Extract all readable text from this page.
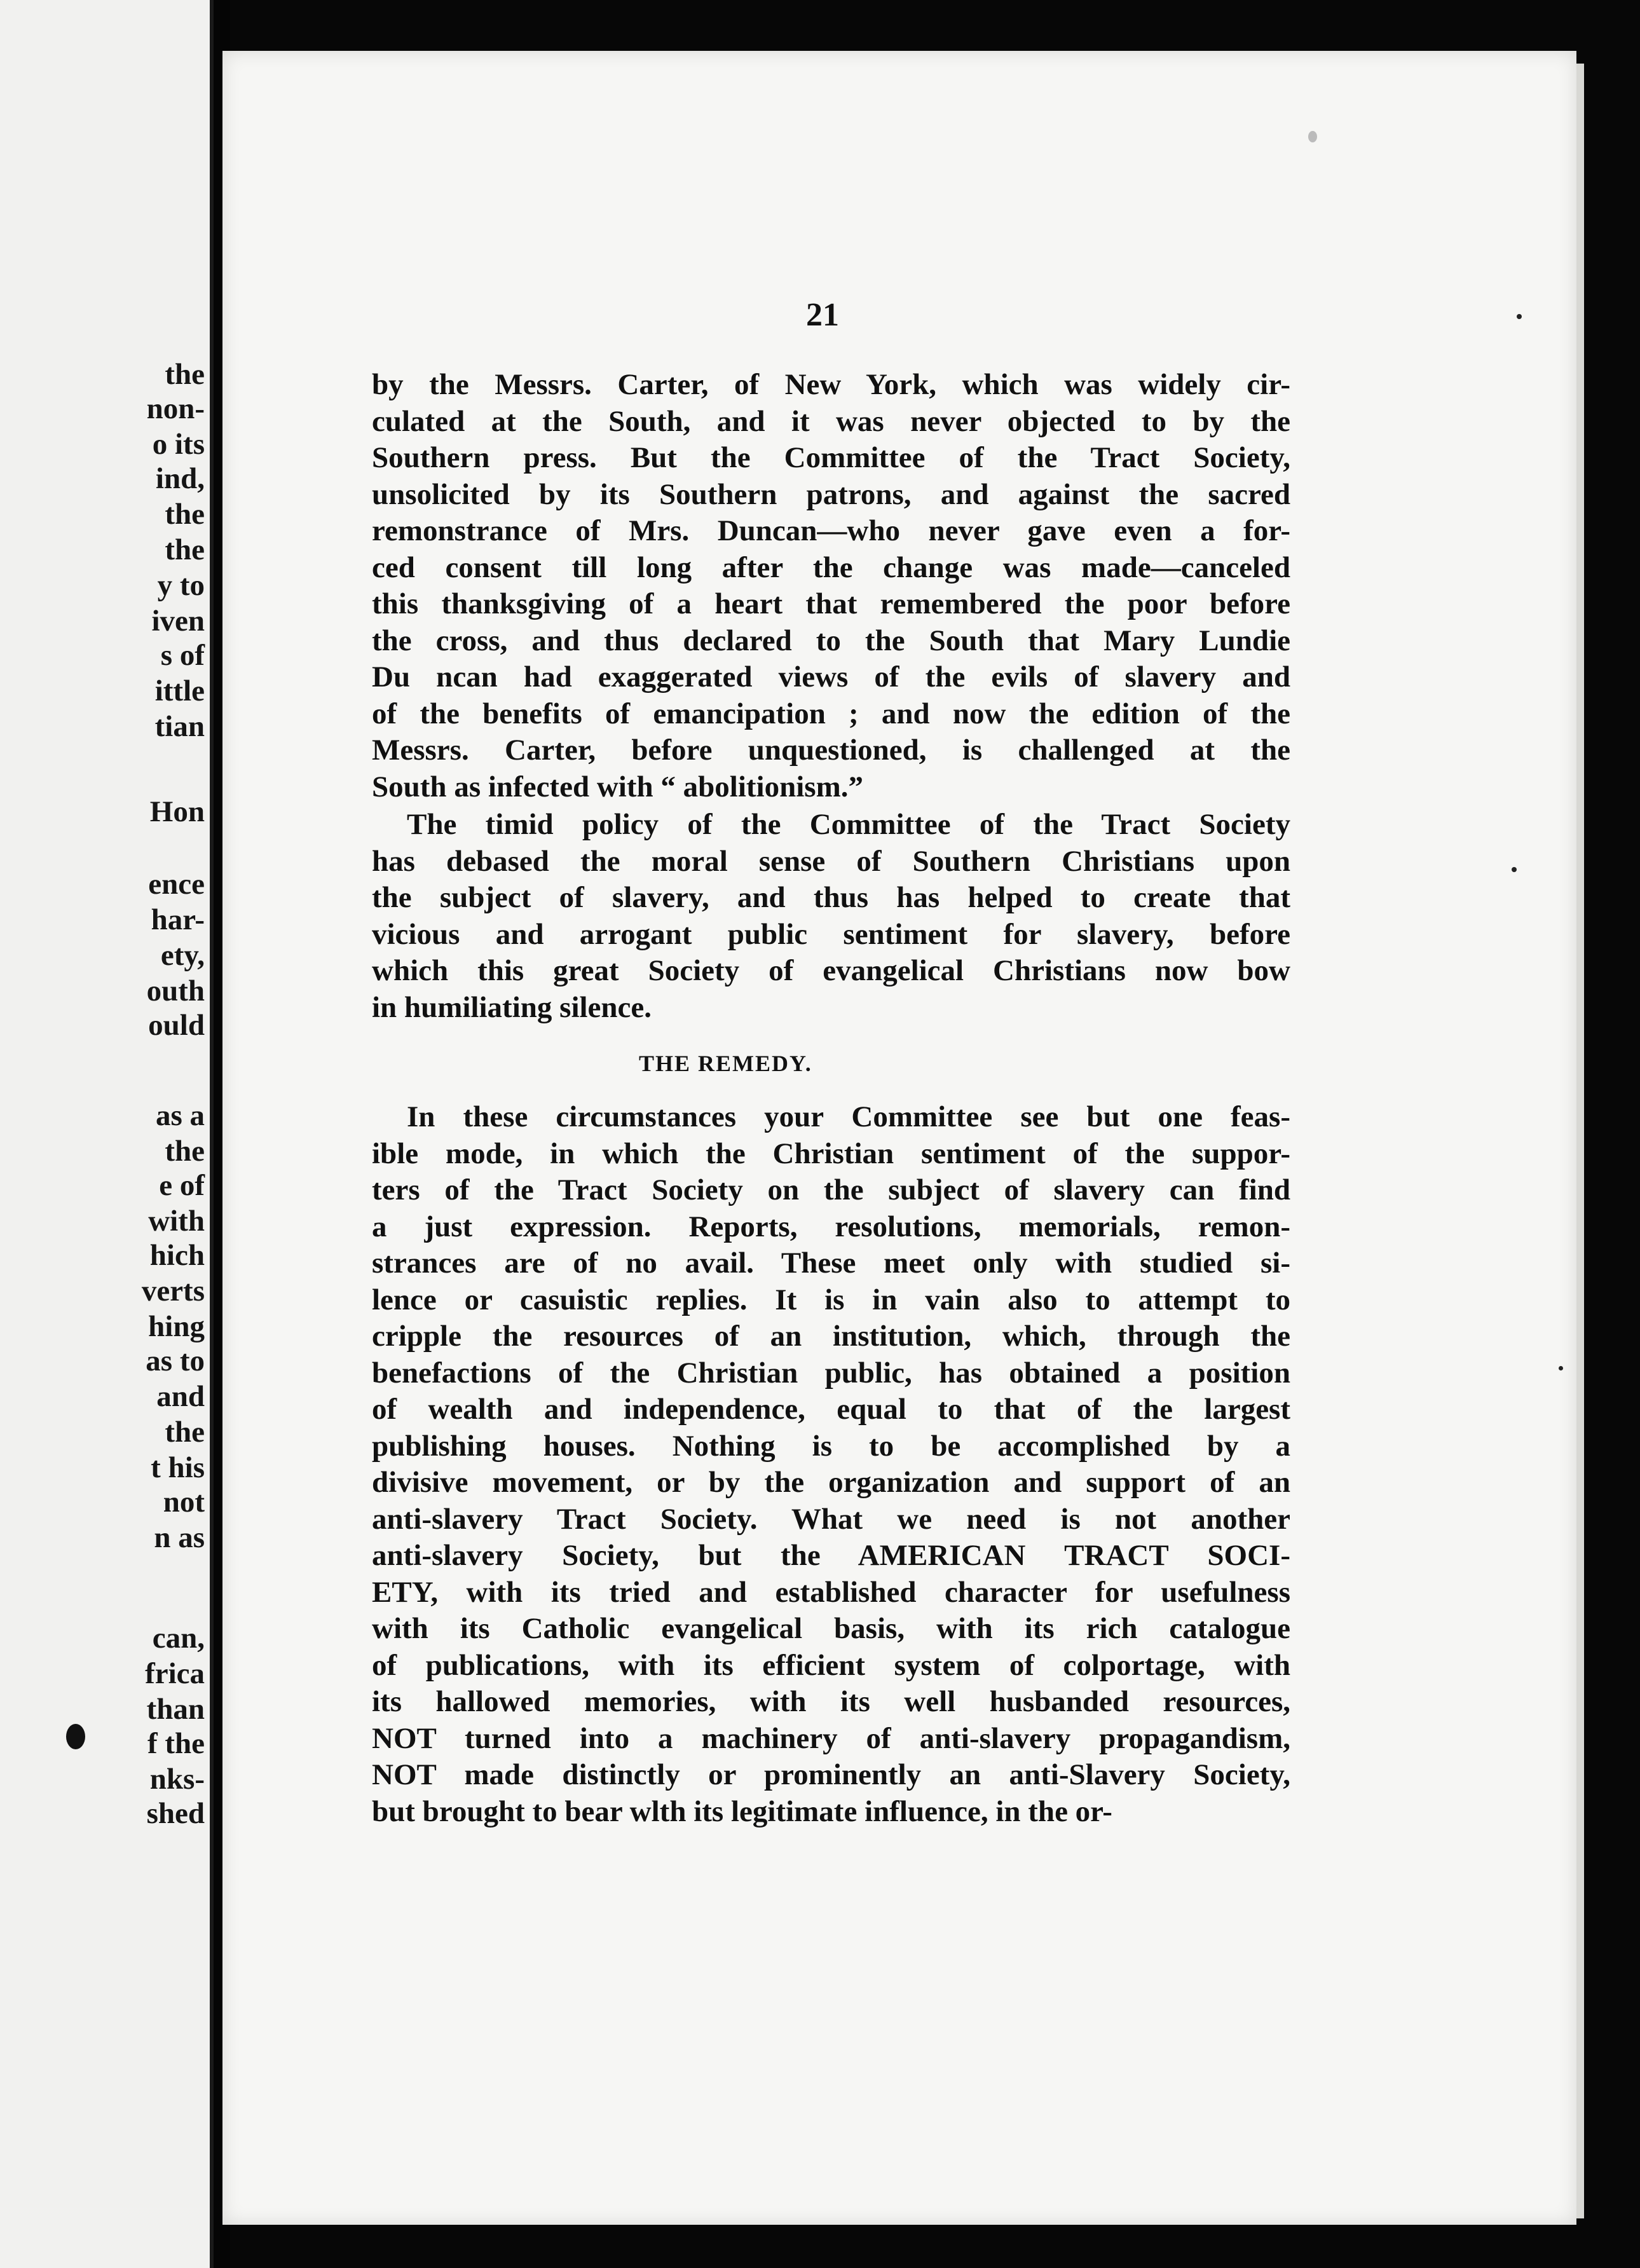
the
non-
o its
ind,
the
the
y to
iven
s of
ittle
tian
Hon
ence
har-
ety,
outh
ould
as a
the
e of
with
hich
verts
hing
as to
and
the
t his
not
n as
can,
frica
than
f the
nks-
shed
21
by the Messrs. Carter, of New York, which was widely cir-
culated at the South, and it was never objected to by the
Southern press. But the Committee of the Tract Society,
unsolicited by its Southern patrons, and against the sacred
remonstrance of Mrs. Duncan—who never gave even a for-
ced consent till long after the change was made—canceled
this thanksgiving of a heart that remembered the poor before
the cross, and thus declared to the South that Mary Lundie
Du ncan had exaggerated views of the evils of slavery and
of the benefits of emancipation ; and now the edition of the
Messrs. Carter, before unquestioned, is challenged at the
South as infected with “ abolitionism.”
The timid policy of the Committee of the Tract Society
has debased the moral sense of Southern Christians upon
the subject of slavery, and thus has helped to create that
vicious and arrogant public sentiment for slavery, before
which this great Society of evangelical Christians now bow
in humiliating silence.
THE REMEDY.
In these circumstances your Committee see but one feas-
ible mode, in which the Christian sentiment of the suppor-
ters of the Tract Society on the subject of slavery can find
a just expression. Reports, resolutions, memorials, remon-
strances are of no avail. These meet only with studied si-
lence or casuistic replies. It is in vain also to attempt to
cripple the resources of an institution, which, through the
benefactions of the Christian public, has obtained a position
of wealth and independence, equal to that of the largest
publishing houses. Nothing is to be accomplished by a
divisive movement, or by the organization and support of an
anti-slavery Tract Society. What we need is not another
anti-slavery Society, but the AMERICAN TRACT SOCI-
ETY, with its tried and established character for usefulness
with its Catholic evangelical basis, with its rich catalogue
of publications, with its efficient system of colportage, with
its hallowed memories, with its well husbanded resources,
NOT turned into a machinery of anti-slavery propagandism,
NOT made distinctly or prominently an anti-Slavery Society,
but brought to bear wlth its legitimate influence, in the or-
